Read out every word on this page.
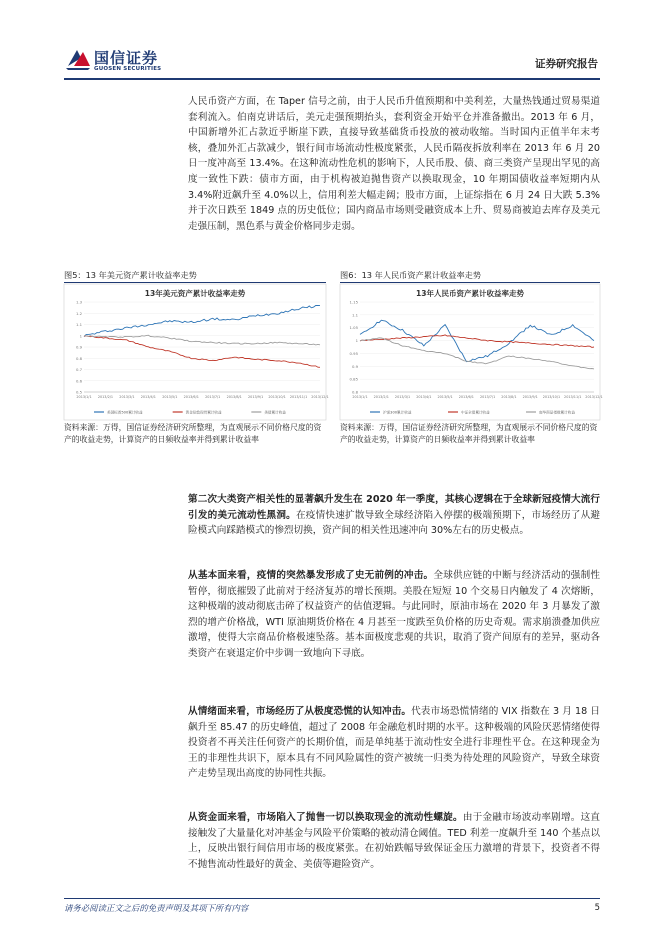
国信证券
GUOSEN SECURITIES	证券研究报告

人民币资产方面，在 Taper 信号之前，由于人民币升值预期和中美利差，大量热钱通过贸易渠道套利流入。伯南克讲话后，美元走强预期抬头，套利资金开始平仓并准备撤出。2013 年 6 月，中国新增外汇占款近乎断崖下跌，直接导致基础货币投放的被动收缩。当时国内正值半年末考核，叠加外汇占款减少，银行间市场流动性极度紧张，人民币隔夜拆放利率在 2013 年 6 月 20 日一度冲高至 13.4%。在这种流动性危机的影响下，人民币股、债、商三类资产呈现出罕见的高度一致性下跌：债市方面，由于机构被迫抛售资产以换取现金，10 年期国债收益率短期内从 3.4%附近飙升至 4.0%以上，信用利差大幅走阔；股市方面，上证综指在 6 月 24 日大跌 5.3%并于次日跌至 1849 点的历史低位；国内商品市场则受融资成本上升、贸易商被迫去库存及美元走强压制，黑色系与黄金价格同步走弱。

图5：13 年美元资产累计收益率走势
13年美元资产累计收益率走势
1.3
1.2
1.1
1
0.9
0.8
0.7
0.6
0.5
2013/1/1 2013/2/1 2013/3/1 2013/4/1 2013/5/1 2013/6/1 2013/7/1 2013/8/1 2013/9/1 2013/10/1 2013/11/1 2013/12/1
美国标普500累计收益	黄金伦敦现货累计收益	美债累计收益

资料来源：万得，国信证券经济研究所整理，为直观展示不同价格尺度的资产的收益走势，计算资产的日频收益率并得到累计收益率

图6：13 年人民币资产累计收益率走势
13年人民币资产累计收益率走势
1.15
1.1
1.05
1
0.95
0.9
0.85
0.8
2013/1/1 2013/2/1 2013/3/1 2013/4/1 2013/5/1 2013/6/1 2013/7/1 2013/8/1 2013/9/1 2013/10/1 2013/11/1 2013/12/1
沪深300累计收益	中证全债累计收益	南华商品指数累计收益

资料来源：万得，国信证券经济研究所整理，为直观展示不同价格尺度的资产的收益走势，计算资产的日频收益率并得到累计收益率

第二次大类资产相关性的显著飙升发生在 2020 年一季度，其核心逻辑在于全球新冠疫情大流行引发的美元流动性黑洞。在疫情快速扩散导致全球经济陷入停摆的极端预期下，市场经历了从避险模式向踩踏模式的惨烈切换，资产间的相关性迅速冲向 30%左右的历史极点。

从基本面来看，疫情的突然暴发形成了史无前例的冲击。全球供应链的中断与经济活动的强制性暂停，彻底摧毁了此前对于经济复苏的增长预期。美股在短短 10 个交易日内触发了 4 次熔断，这种极端的波动彻底击碎了权益资产的估值逻辑。与此同时，原油市场在 2020 年 3 月暴发了激烈的增产价格战，WTI 原油期货价格在 4 月甚至一度跌至负价格的历史奇观。需求崩溃叠加供应激增，使得大宗商品价格极速坠落。基本面极度悲观的共识，取消了资产间原有的差异，驱动各类资产在衰退定价中步调一致地向下寻底。

从情绪面来看，市场经历了从极度恐慌的认知冲击。代表市场恐慌情绪的 VIX 指数在 3 月 18 日飙升至 85.47 的历史峰值，超过了 2008 年金融危机时期的水平。这种极端的风险厌恶情绪使得投资者不再关注任何资产的长期价值，而是单纯基于流动性安全进行非理性平仓。在这种现金为王的非理性共识下，原本具有不同风险属性的资产被统一归类为待处理的风险资产，导致全球资产走势呈现出高度的协同性共振。

从资金面来看，市场陷入了抛售一切以换取现金的流动性螺旋。由于金融市场波动率剧增。这直接触发了大量量化对冲基金与风险平价策略的被动清仓阈值。TED 利差一度飙升至 140 个基点以上，反映出银行间信用市场的极度紧张。在初始跌幅导致保证金压力激增的背景下，投资者不得不抛售流动性最好的黄金、美债等避险资产。

请务必阅读正文之后的免责声明及其项下所有内容	5
